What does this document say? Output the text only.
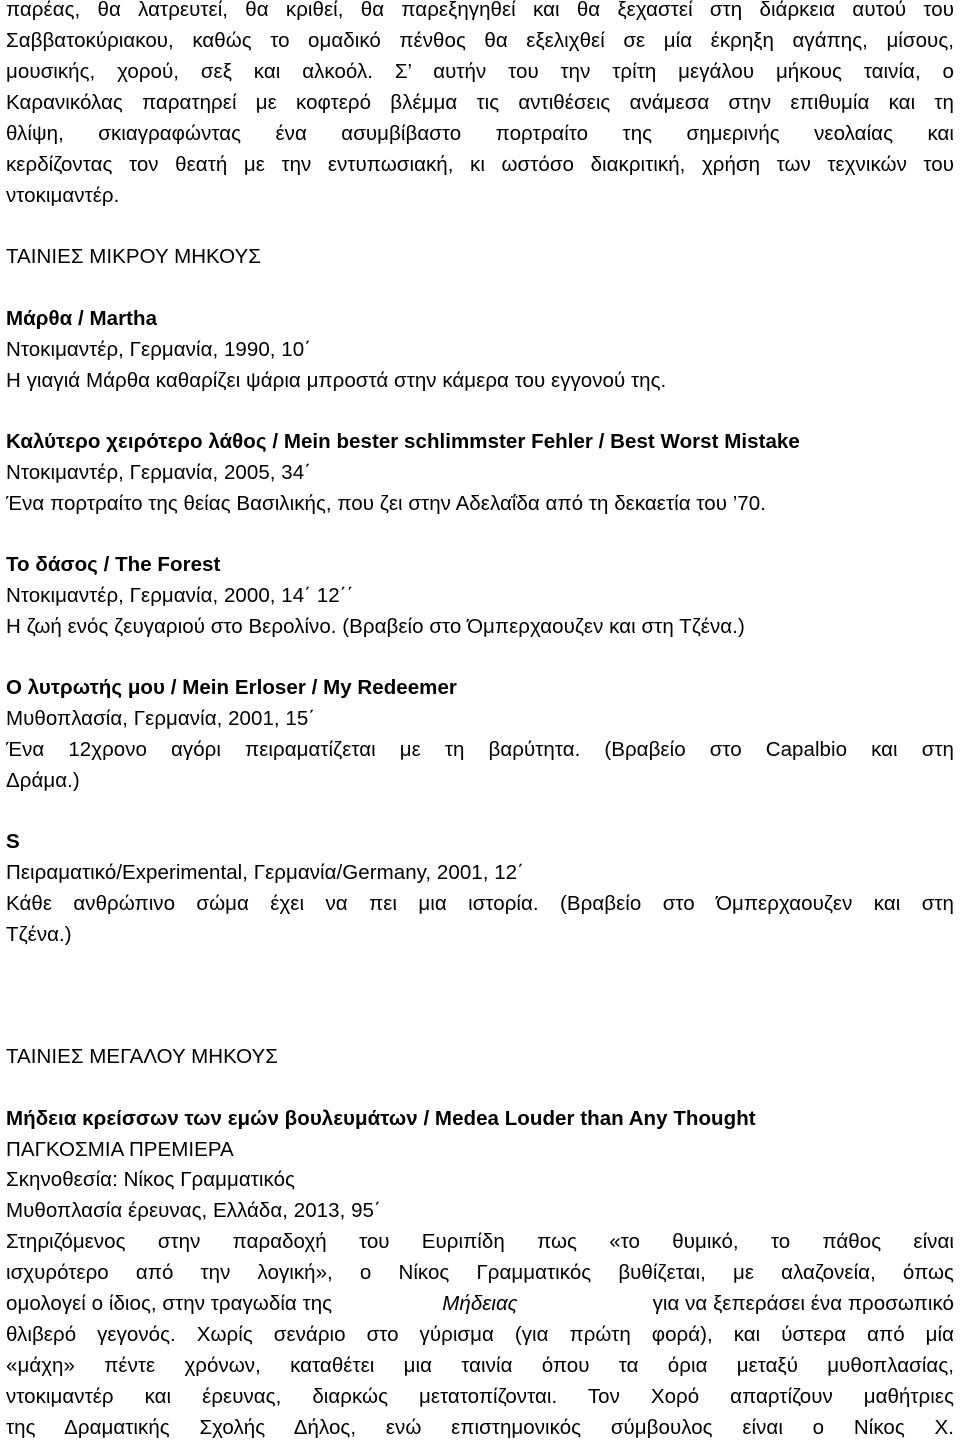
παρέας, θα λατρευτεί, θα κριθεί, θα παρεξηγηθεί και θα ξεχαστεί στη διάρκεια αυτού του
Σαββατοκύριακου, καθώς το ομαδικό πένθος θα εξελιχθεί σε μία έκρηξη αγάπης, μίσους,
μουσικής, χορού, σεξ και αλκοόλ. Σ’ αυτήν του την τρίτη μεγάλου μήκους ταινία, ο
Καρανικόλας παρατηρεί με κοφτερό βλέμμα τις αντιθέσεις ανάμεσα στην επιθυμία και τη
θλίψη, σκιαγραφώντας ένα ασυμβίβαστο πορτραίτο της σημερινής νεολαίας και
κερδίζοντας τον θεατή με την εντυπωσιακή, κι ωστόσο διακριτική, χρήση των τεχνικών του
ντοκιμαντέρ.
ΤΑΙΝΙΕΣ ΜΙΚΡΟΥ ΜΗΚΟΥΣ
Μάρθα / Martha
Ντοκιμαντέρ, Γερμανία, 1990, 10΄
Η γιαγιά Μάρθα καθαρίζει ψάρια μπροστά στην κάμερα του εγγονού της.
Καλύτερο χειρότερο λάθος / Mein bester schlimmster Fehler / Best Worst Mistake
Ντοκιμαντέρ, Γερμανία, 2005, 34΄
Ένα πορτραίτο της θείας Βασιλικής, που ζει στην Αδελαΐδα από τη δεκαετία του ’70.
Το δάσος / The Forest
Ντοκιμαντέρ, Γερμανία, 2000, 14΄ 12΄΄
Η ζωή ενός ζευγαριού στο Βερολίνο. (Βραβείο στο Όμπερχαουζεν και στη Τζένα.)
Ο λυτρωτής μου / Mein Erloser / My Redeemer
Μυθοπλασία, Γερμανία, 2001, 15΄
Ένα 12χρονο αγόρι πειραματίζεται με τη βαρύτητα. (Βραβείο στο Capalbio και στη
Δράμα.)
S
Πειραματικό/Experimental, Γερμανία/Germany, 2001, 12΄
Κάθε ανθρώπινο σώμα έχει να πει μια ιστορία. (Βραβείο στο Όμπερχαουζεν και στη
Τζένα.)
ΤΑΙΝΙΕΣ ΜΕΓΑΛΟΥ ΜΗΚΟΥΣ
Μήδεια κρείσσων των εμών βουλευμάτων / Medea Louder than Any Thought
ΠΑΓΚΟΣΜΙΑ ΠΡΕΜΙΕΡΑ
Σκηνοθεσία: Νίκος Γραμματικός
Μυθοπλασία έρευνας, Ελλάδα, 2013, 95΄
Στηριζόμενος στην παραδοχή του Ευριπίδη πως «το θυμικό, το πάθος είναι
ισχυρότερο από την λογική», ο Νίκος Γραμματικός βυθίζεται, με αλαζονεία, όπως
ομολογεί ο ίδιος, στην τραγωδία της	Μήδειας	για να ξεπεράσει ένα προσωπικό
θλιβερό γεγονός. Χωρίς σενάριο στο γύρισμα (για πρώτη φορά), και ύστερα από μία
«μάχη» πέντε χρόνων, καταθέτει μια ταινία όπου τα όρια μεταξύ μυθοπλασίας,
ντοκιμαντέρ και έρευνας, διαρκώς μετατοπίζονται. Τον Χορό απαρτίζουν μαθήτριες
της Δραματικής Σχολής Δήλος, ενώ επιστημονικός σύμβουλος είναι ο Νίκος Χ.
